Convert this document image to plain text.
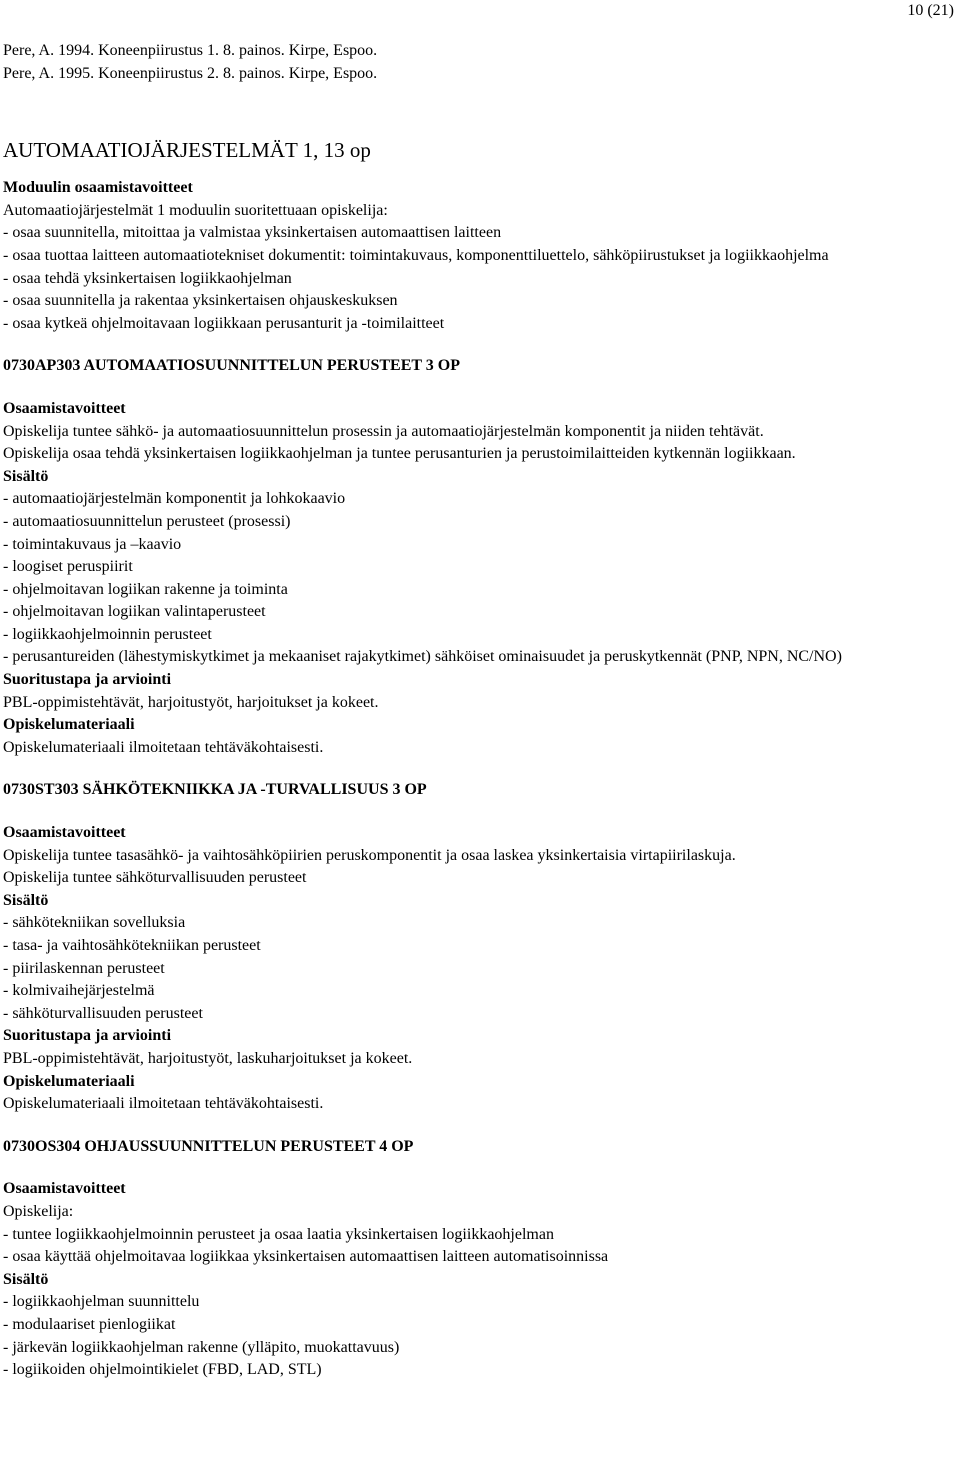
10 (21)
Pere, A. 1994. Koneenpiirustus 1. 8. painos. Kirpe, Espoo.
Pere, A. 1995. Koneenpiirustus 2. 8. painos. Kirpe, Espoo.
AUTOMAATIOJÄRJESTELMÄT 1, 13 op
Moduulin osaamistavoitteet
Automaatiojärjestelmät 1 moduulin suoritettuaan opiskelija:
- osaa suunnitella, mitoittaa ja valmistaa yksinkertaisen automaattisen laitteen
- osaa tuottaa laitteen automaatiotekniset dokumentit: toimintakuvaus, komponenttiluettelo, sähköpiirustukset ja logiikkaohjelma
- osaa tehdä yksinkertaisen logiikkaohjelman
- osaa suunnitella ja rakentaa yksinkertaisen ohjauskeskuksen
- osaa kytkeä ohjelmoitavaan logiikkaan perusanturit ja -toimilaitteet
0730AP303 AUTOMAATIOSUUNNITTELUN PERUSTEET 3 OP
Osaamistavoitteet
Opiskelija tuntee sähkö- ja automaatiosuunnittelun prosessin ja automaatiojärjestelmän komponentit ja niiden tehtävät.
Opiskelija osaa tehdä yksinkertaisen logiikkaohjelman ja tuntee perusanturien ja perustoimilaitteiden kytkennän logiikkaan.
Sisältö
- automaatiojärjestelmän komponentit ja lohkokaavio
- automaatiosuunnittelun perusteet (prosessi)
- toimintakuvaus ja –kaavio
- loogiset peruspiirit
- ohjelmoitavan logiikan rakenne ja toiminta
- ohjelmoitavan logiikan valintaperusteet
- logiikkaohjelmoinnin perusteet
- perusantureiden (lähestymiskytkimet ja mekaaniset rajakytkimet) sähköiset ominaisuudet ja peruskytkennät (PNP, NPN, NC/NO)
Suoritustapa ja arviointi
PBL-oppimistehtävät, harjoitustyöt, harjoitukset ja kokeet.
Opiskelumateriaali
Opiskelumateriaali ilmoitetaan tehtäväkohtaisesti.
0730ST303 SÄHKÖTEKNIIKKA JA -TURVALLISUUS 3 OP
Osaamistavoitteet
Opiskelija tuntee tasasähkö- ja vaihtosähköpiirien peruskomponentit ja osaa laskea yksinkertaisia virtapiirilaskuja.
Opiskelija tuntee sähköturvallisuuden perusteet
Sisältö
- sähkötekniikan sovelluksia
- tasa- ja vaihtosähkötekniikan perusteet
- piirilaskennan perusteet
- kolmivaihejärjestelmä
- sähköturvallisuuden perusteet
Suoritustapa ja arviointi
PBL-oppimistehtävät, harjoitustyöt, laskuharjoitukset ja kokeet.
Opiskelumateriaali
Opiskelumateriaali ilmoitetaan tehtäväkohtaisesti.
0730OS304 OHJAUSSUUNNITTELUN PERUSTEET 4 OP
Osaamistavoitteet
Opiskelija:
- tuntee logiikkaohjelmoinnin perusteet ja osaa laatia yksinkertaisen logiikkaohjelman
- osaa käyttää ohjelmoitavaa logiikkaa yksinkertaisen automaattisen laitteen automatisoinnissa
Sisältö
- logiikkaohjelman suunnittelu
- modulaariset pienlogiikat
- järkevän logiikkaohjelman rakenne (ylläpito, muokattavuus)
- logiikoiden ohjelmointikielet (FBD, LAD, STL)
